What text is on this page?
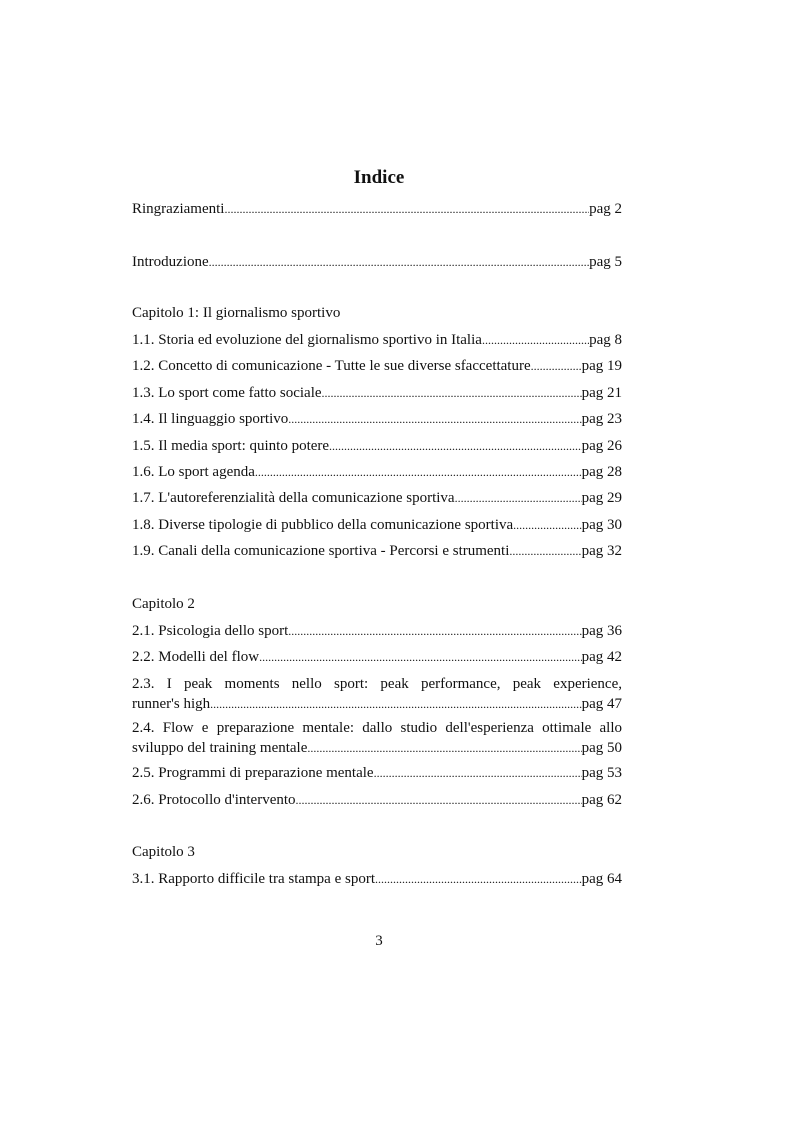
Indice
Ringraziamenti .....	pag 2
Introduzione .....	pag 5
Capitolo 1: Il giornalismo sportivo
1.1. Storia ed evoluzione del giornalismo sportivo in Italia .....	pag 8
1.2. Concetto di comunicazione - Tutte le sue diverse sfaccettature .....	pag 19
1.3. Lo sport come fatto sociale .....	pag 21
1.4. Il linguaggio sportivo .....	pag 23
1.5. Il media sport: quinto potere .....	pag 26
1.6. Lo sport agenda .....	pag 28
1.7. L'autoreferenzialità della comunicazione sportiva .....	pag 29
1.8. Diverse tipologie di pubblico della comunicazione sportiva .....	pag 30
1.9. Canali della comunicazione sportiva - Percorsi e strumenti .....	pag 32
Capitolo 2
2.1. Psicologia dello sport .....	pag 36
2.2. Modelli del flow .....	pag 42
2.3. I peak moments nello sport: peak performance, peak experience,
runner's high .....	pag 47
2.4. Flow e preparazione mentale: dallo studio dell'esperienza ottimale allo
sviluppo del training mentale .....	pag 50
2.5. Programmi di preparazione mentale .....	pag 53
2.6. Protocollo d'intervento .....	pag 62
Capitolo 3
3.1. Rapporto difficile tra stampa e sport .....	pag 64
3
